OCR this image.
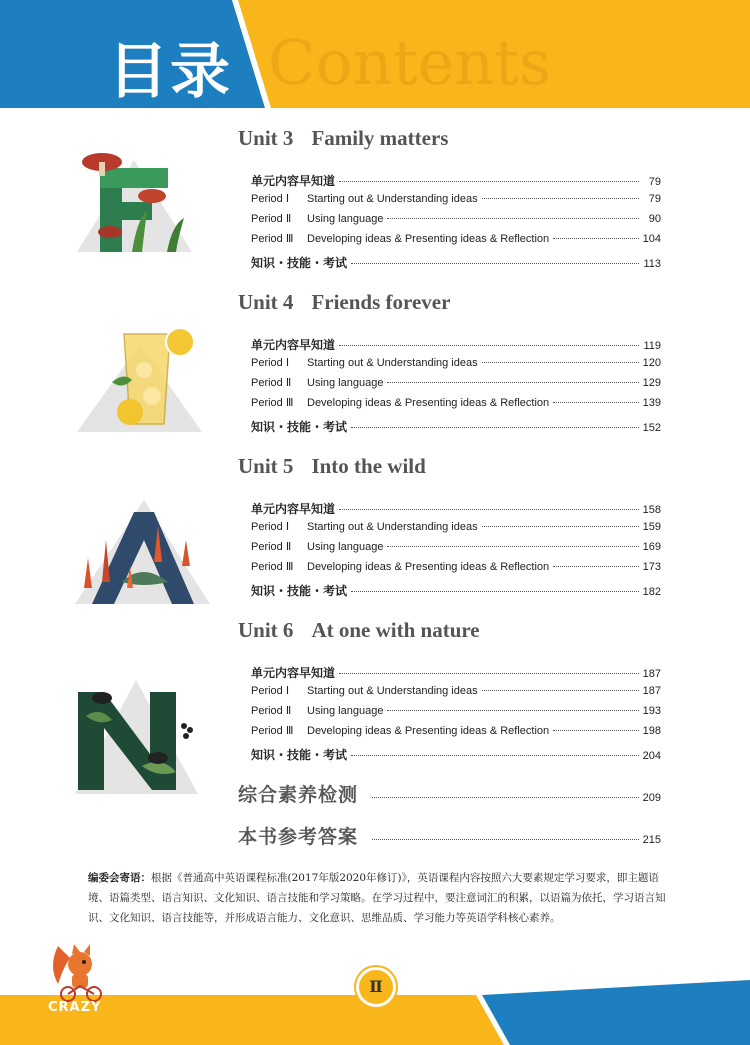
Contents
目录
Unit 3 Family matters
单元内容早知道	79
Period Ⅰ	Starting out & Understanding ideas	79
Period Ⅱ	Using language	90
Period Ⅲ	Developing ideas & Presenting ideas & Reflection	104
知识・技能・考试	113
Unit 4 Friends forever
单元内容早知道	119
Period Ⅰ	Starting out & Understanding ideas	120
Period Ⅱ	Using language	129
Period Ⅲ	Developing ideas & Presenting ideas & Reflection	139
知识・技能・考试	152
Unit 5 Into the wild
单元内容早知道	158
Period Ⅰ	Starting out & Understanding ideas	159
Period Ⅱ	Using language	169
Period Ⅲ	Developing ideas & Presenting ideas & Reflection	173
知识・技能・考试	182
Unit 6 At one with nature
单元内容早知道	187
Period Ⅰ	Starting out & Understanding ideas	187
Period Ⅱ	Using language	193
Period Ⅲ	Developing ideas & Presenting ideas & Reflection	198
知识・技能・考试	204
综合素养检测	209
本书参考答案	215
编委会寄语：根据《普通高中英语课程标准(2017年版2020年修订)》，英语课程内容按照六大要素规定学习要求，即主题语境、语篇类型、语言知识、文化知识、语言技能和学习策略。在学习过程中，要注意词汇的积累，以语篇为依托，学习语言知识、文化知识、语言技能等，并形成语言能力、文化意识、思维品质、学习能力等英语学科核心素养。
Ⅱ
CRAZY
